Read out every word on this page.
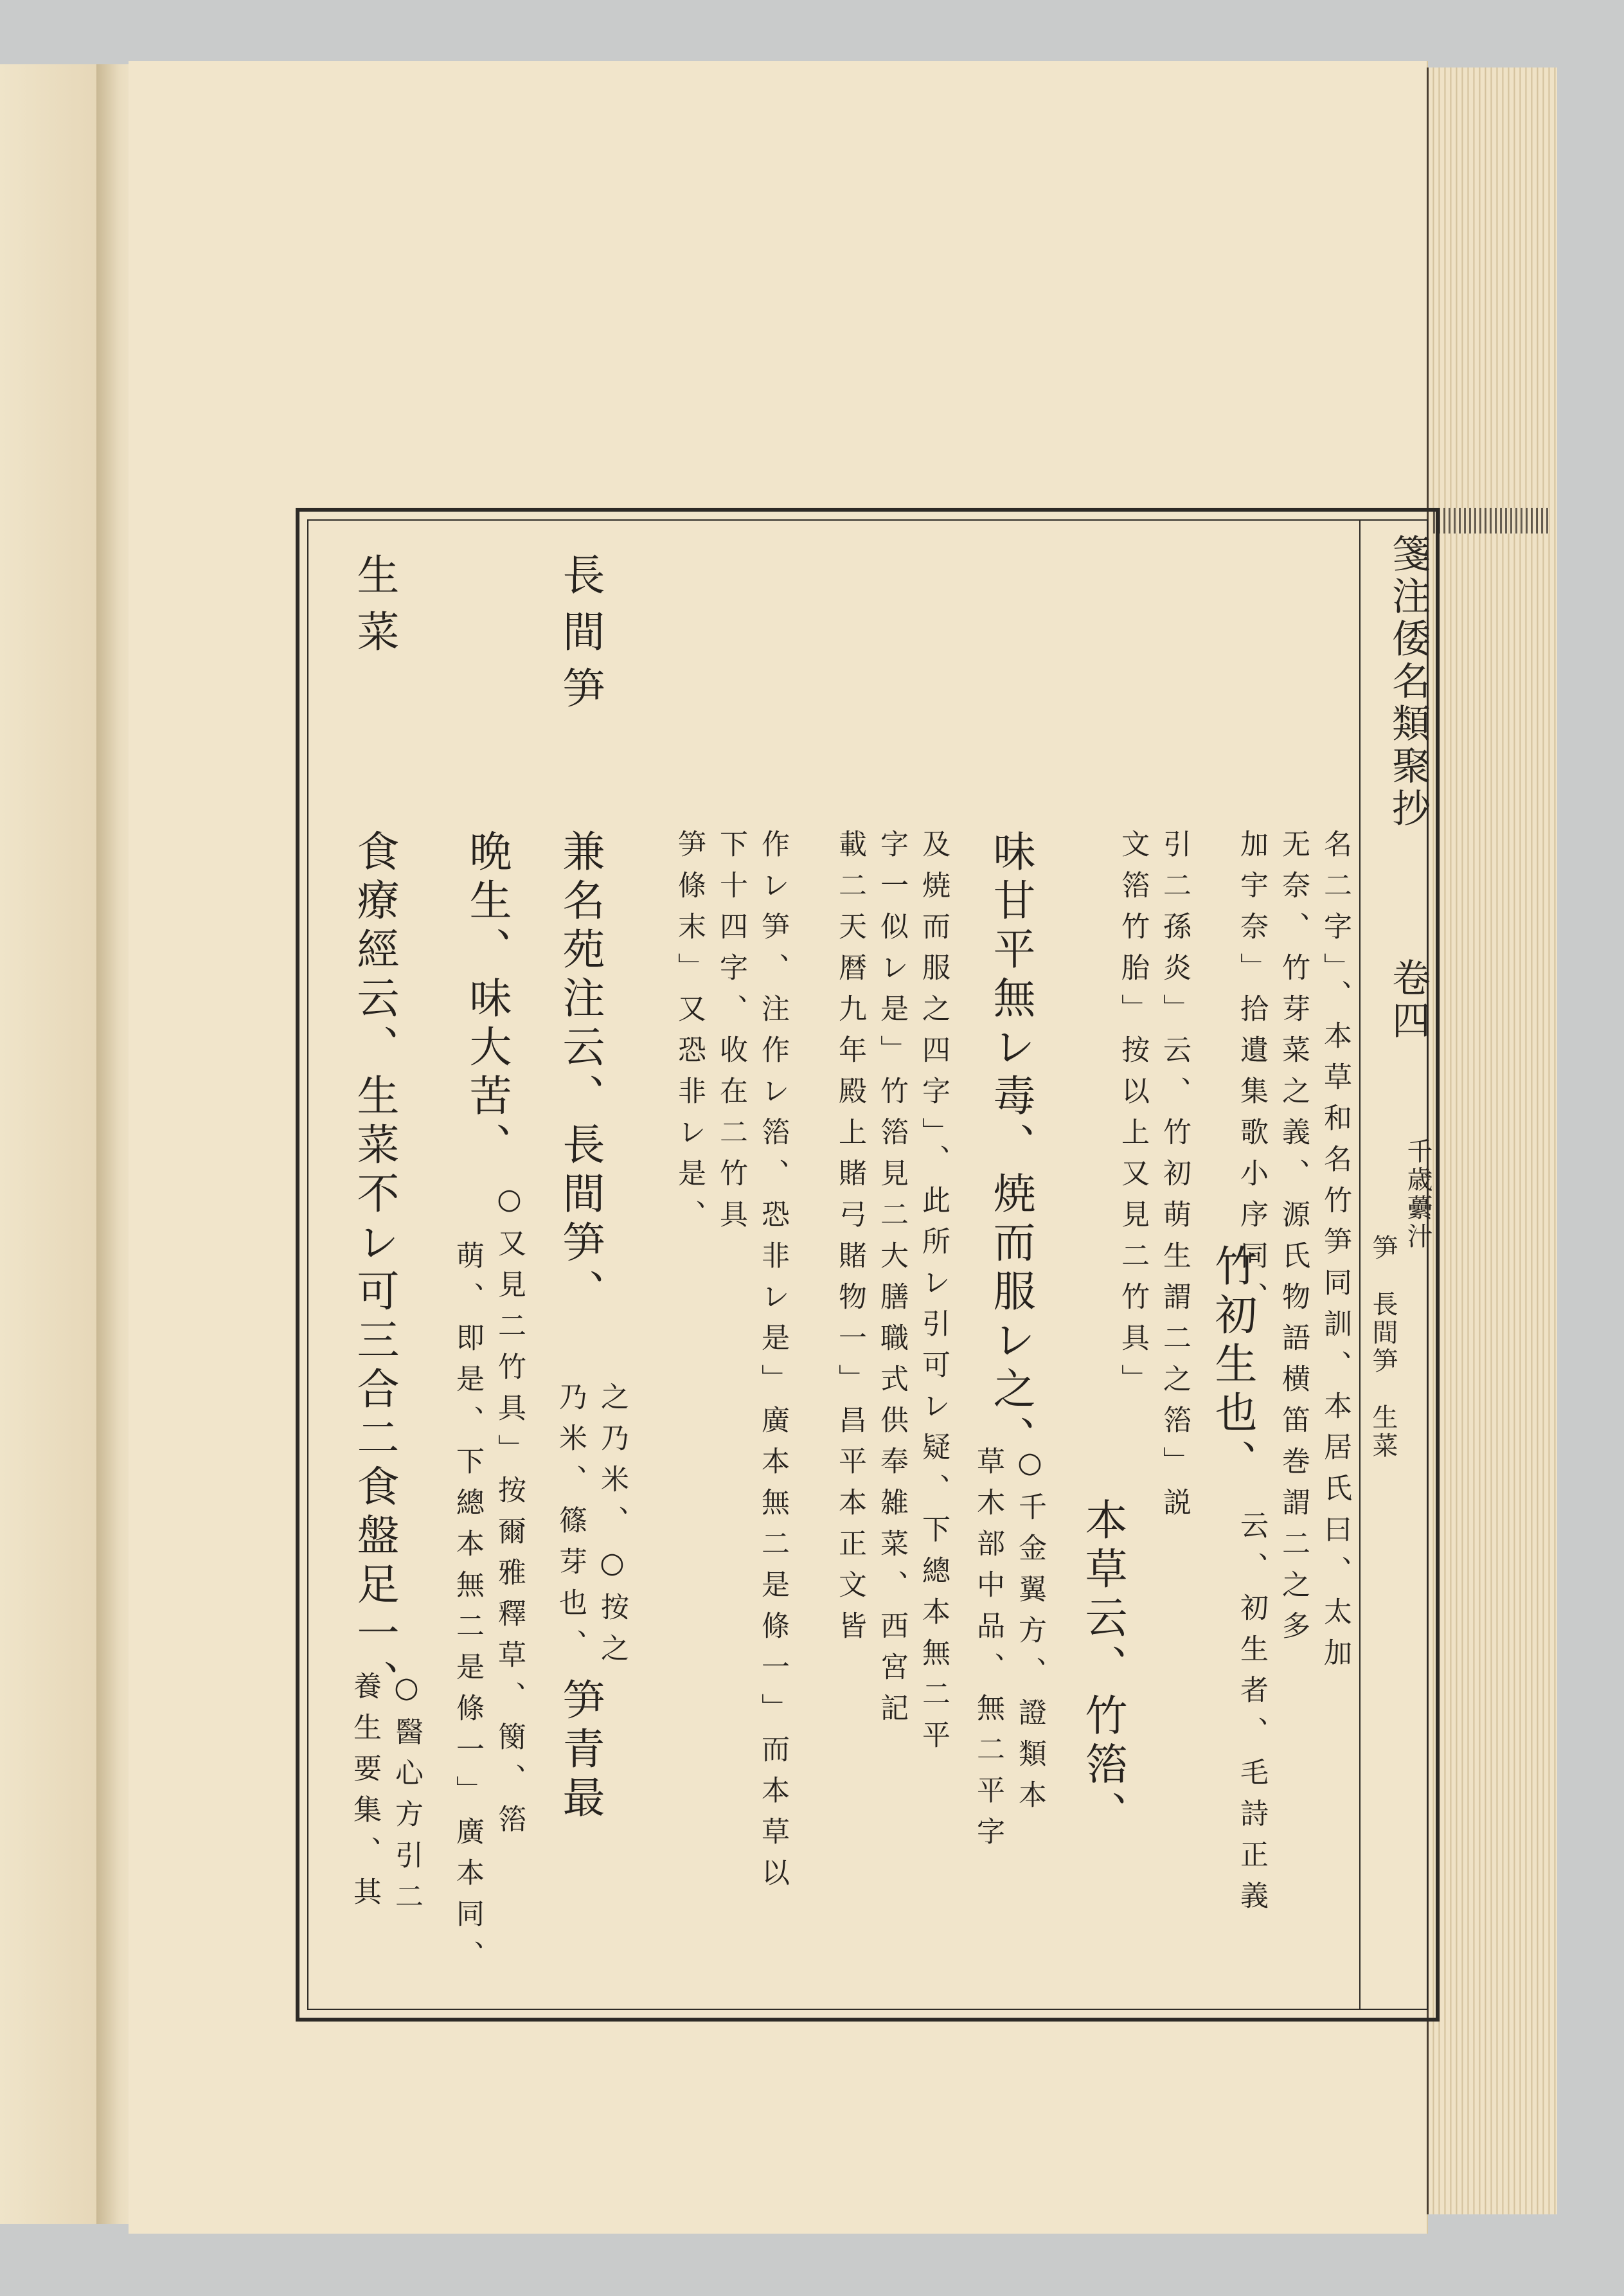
箋注倭名類聚抄
卷四
千歳虆汁
笋　長間笋　生菜
名二字」、本草和名竹笋同訓、本居氏曰、太加
无奈、竹芽菜之義、源氏物語横笛巻謂二之多
加宇奈」拾遺集歌小序同、
竹初生也、
云、初生者、毛詩正義
引二孫炎」云、竹初萌生謂二之箈」説
文箈竹胎」按以上又見二竹具」
本草云、竹箈、
味甘平無レ毒、焼而服レ之、
○千金翼方、證類本
草木部中品、無二平字
及焼而服之四字」、此所レ引可レ疑、下總本無二平
字一似レ是」竹箈見二大膳職式供奉雑菜、西宮記
載二天暦九年殿上賭弓賭物一」昌平本正文皆
作レ笋、注作レ箈、恐非レ是」廣本無二是條一」而本草以
下十四字、收在二竹具
笋條末」又恐非レ是、
長間笋
兼名苑注云、長間笋、
之乃米、○按之
乃米、篠芽也、
笋青最
晩生、味大苦、
○又見二竹具」按爾雅釋草、簢、箈
萌、即是、下總本無二是條一」廣本同、
生菜
食療經云、生菜不レ可三合二食盤足一、
○醫心方引二
養生要集、其
